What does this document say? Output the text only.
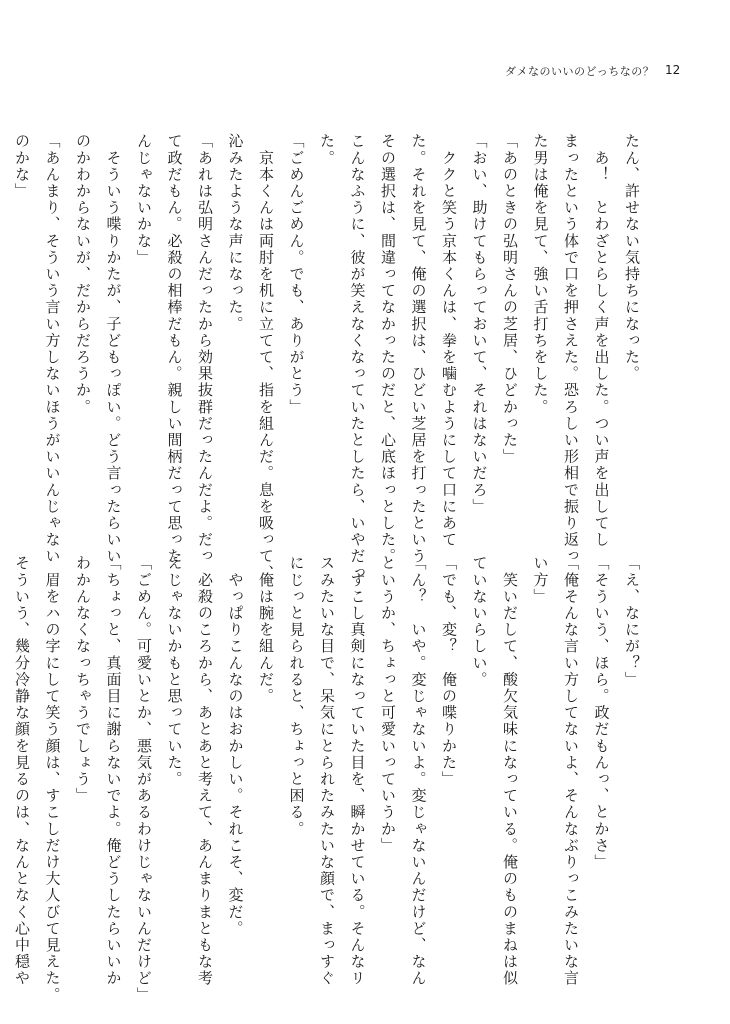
ダメなのいいのどっちなの？ 12
たん、許せない気持ちになった。
　あ！　とわざとらしく声を出した。つい声を出してし
まったという体で口を押さえた。恐ろしい形相で振り返っ
た男は俺を見て、強い舌打ちをした。
「あのときの弘明さんの芝居、ひどかった」
「おい、助けてもらっておいて、それはないだろ」
　ククと笑う京本くんは、拳を噛むようにして口にあて
た。それを見て、俺の選択は、ひどい芝居を打ったという
その選択は、間違ってなかったのだと、心底ほっとした。
こんなふうに、彼が笑えなくなっていたとしたら、いやだっ
た。
「ごめんごめん。でも、ありがとう」
　京本くんは両肘を机に立てて、指を組んだ。息を吸って、
沁みたような声になった。
「あれは弘明さんだったから効果抜群だったんだよ。だっ
て政だもん。必殺の相棒だもん。親しい間柄だって思った
んじゃないかな」
　そういう喋りかたが、子どもっぽい。どう言ったらいい
のかわからないが、だからだろうか。
「あんまり、そういう言い方しないほうがいいんじゃない
のかな」
「え、なにが？」
「そういう、ほら。政だもんっ、とかさ」
「俺そんな言い方してないよ、そんなぶりっこみたいな言
い方」
　笑いだして、酸欠気味になっている。俺のものまねは似
ていないらしい。
「でも、変？　俺の喋りかた」
「ん？　いや。変じゃないよ。変じゃないんだけど、なん
というか、ちょっと可愛いっていうか」
　すこし真剣になっていた目を、瞬かせている。そんなリ
スみたいな目で、呆気にとられたみたいな顔で、まっすぐ
にじっと見られると、ちょっと困る。
　俺は腕を組んだ。
　やっぱりこんなのはおかしい。それこそ、変だ。
　必殺のころから、あとあと考えて、あんまりまともな考
えじゃないかもと思っていた。
「ごめん。可愛いとか、悪気があるわけじゃないんだけど」
「ちょっと、真面目に謝らないでよ。俺どうしたらいいか
わかんなくなっちゃうでしょう」
　眉をハの字にして笑う顔は、すこしだけ大人びて見えた。
そういう、幾分冷静な顔を見るのは、なんとなく心中穏や
